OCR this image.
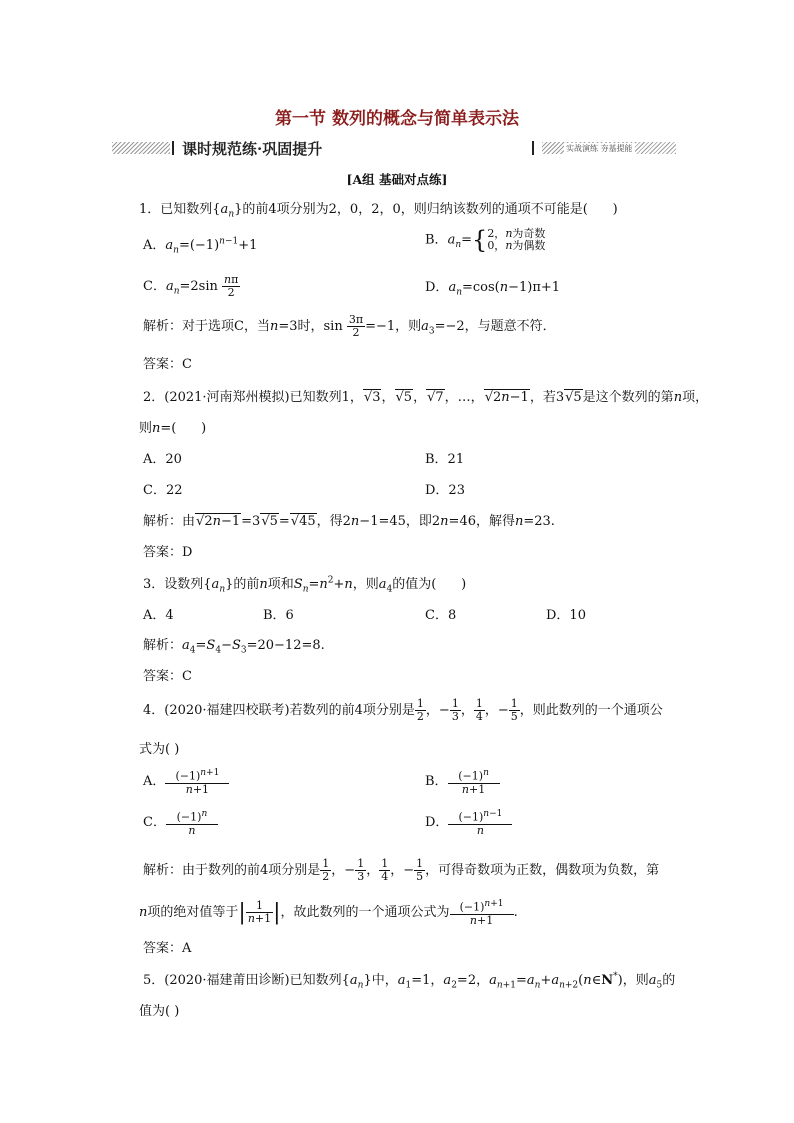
第一节 数列的概念与简单表示法
课时规范练·巩固提升	实战演练 夯基提能
[A组 基础对点练]
1．已知数列$\{a_n\}$的前4项分别为2，0，2，0，则归纳该数列的通项不可能是(      )
A．$a_n=(-1)^{n-1}+1$	B．$a_n=\{2$，n为奇数
0，n为偶数
C．$a_n=2\sin \frac{n\pi}{2}$	D．$a_n=\cos(n-1)\pi+1$
解析：对于选项C，当n=3时，$\sin \frac{3\pi}{2} =-1$，则$a_3=-2$，与题意不符．
答案：C
2．(2021·河南郑州模拟)已知数列1， √ 3， √ 5， √ 7，…， √ 2n−1，若3 √ 5是这个数列的第n项，
则n=(      )
A．20	B．21
C．22	D．23
解析：由 √ 2n−1=3 √ 5= √ 45，得2n−1=45，即2n=46，解得n=23.
答案：D
3．设数列$\{a_n\}$的前n项和$S_n=n^2+n$，则$a_4$的值为(      )
A．4	B．6	C．8	D．10
解析：$a_4=S_4-S_3=20-12=8$.
答案：C
4．(2020·福建四校联考)若数列的前4项分别是 $\frac{1}{2}$ ，− $\frac{1}{3}$ ， $\frac{1}{4}$ ，− $\frac{1}{5}$ ，则此数列的一个通项公
式为( )
A． $\frac{(-1)^{n+1}}{n+1}$	B． $\frac{(-1)^n}{n+1}$
C． $\frac{(-1)^n}{n}$	D． $\frac{(-1)^{n-1}}{n}$
解析：由于数列的前4项分别是 $\frac{1}{2}$ ，− $\frac{1}{3}$ ， $\frac{1}{4}$ ，− $\frac{1}{5}$ ，可得奇数项为正数，偶数项为负数，第
n项的绝对值等于| $\frac{1}{n+1}$ |，故此数列的一个通项公式为 $\frac{(-1)^{n+1}}{n+1}$ .
答案：A
5．(2020·福建莆田诊断)已知数列$\{a_n\}$中，$a_1=1$，$a_2=2$，$a_{n+1}=a_n+a_{n+2}(n\in N^*)$，则$a_5$的
值为( )
